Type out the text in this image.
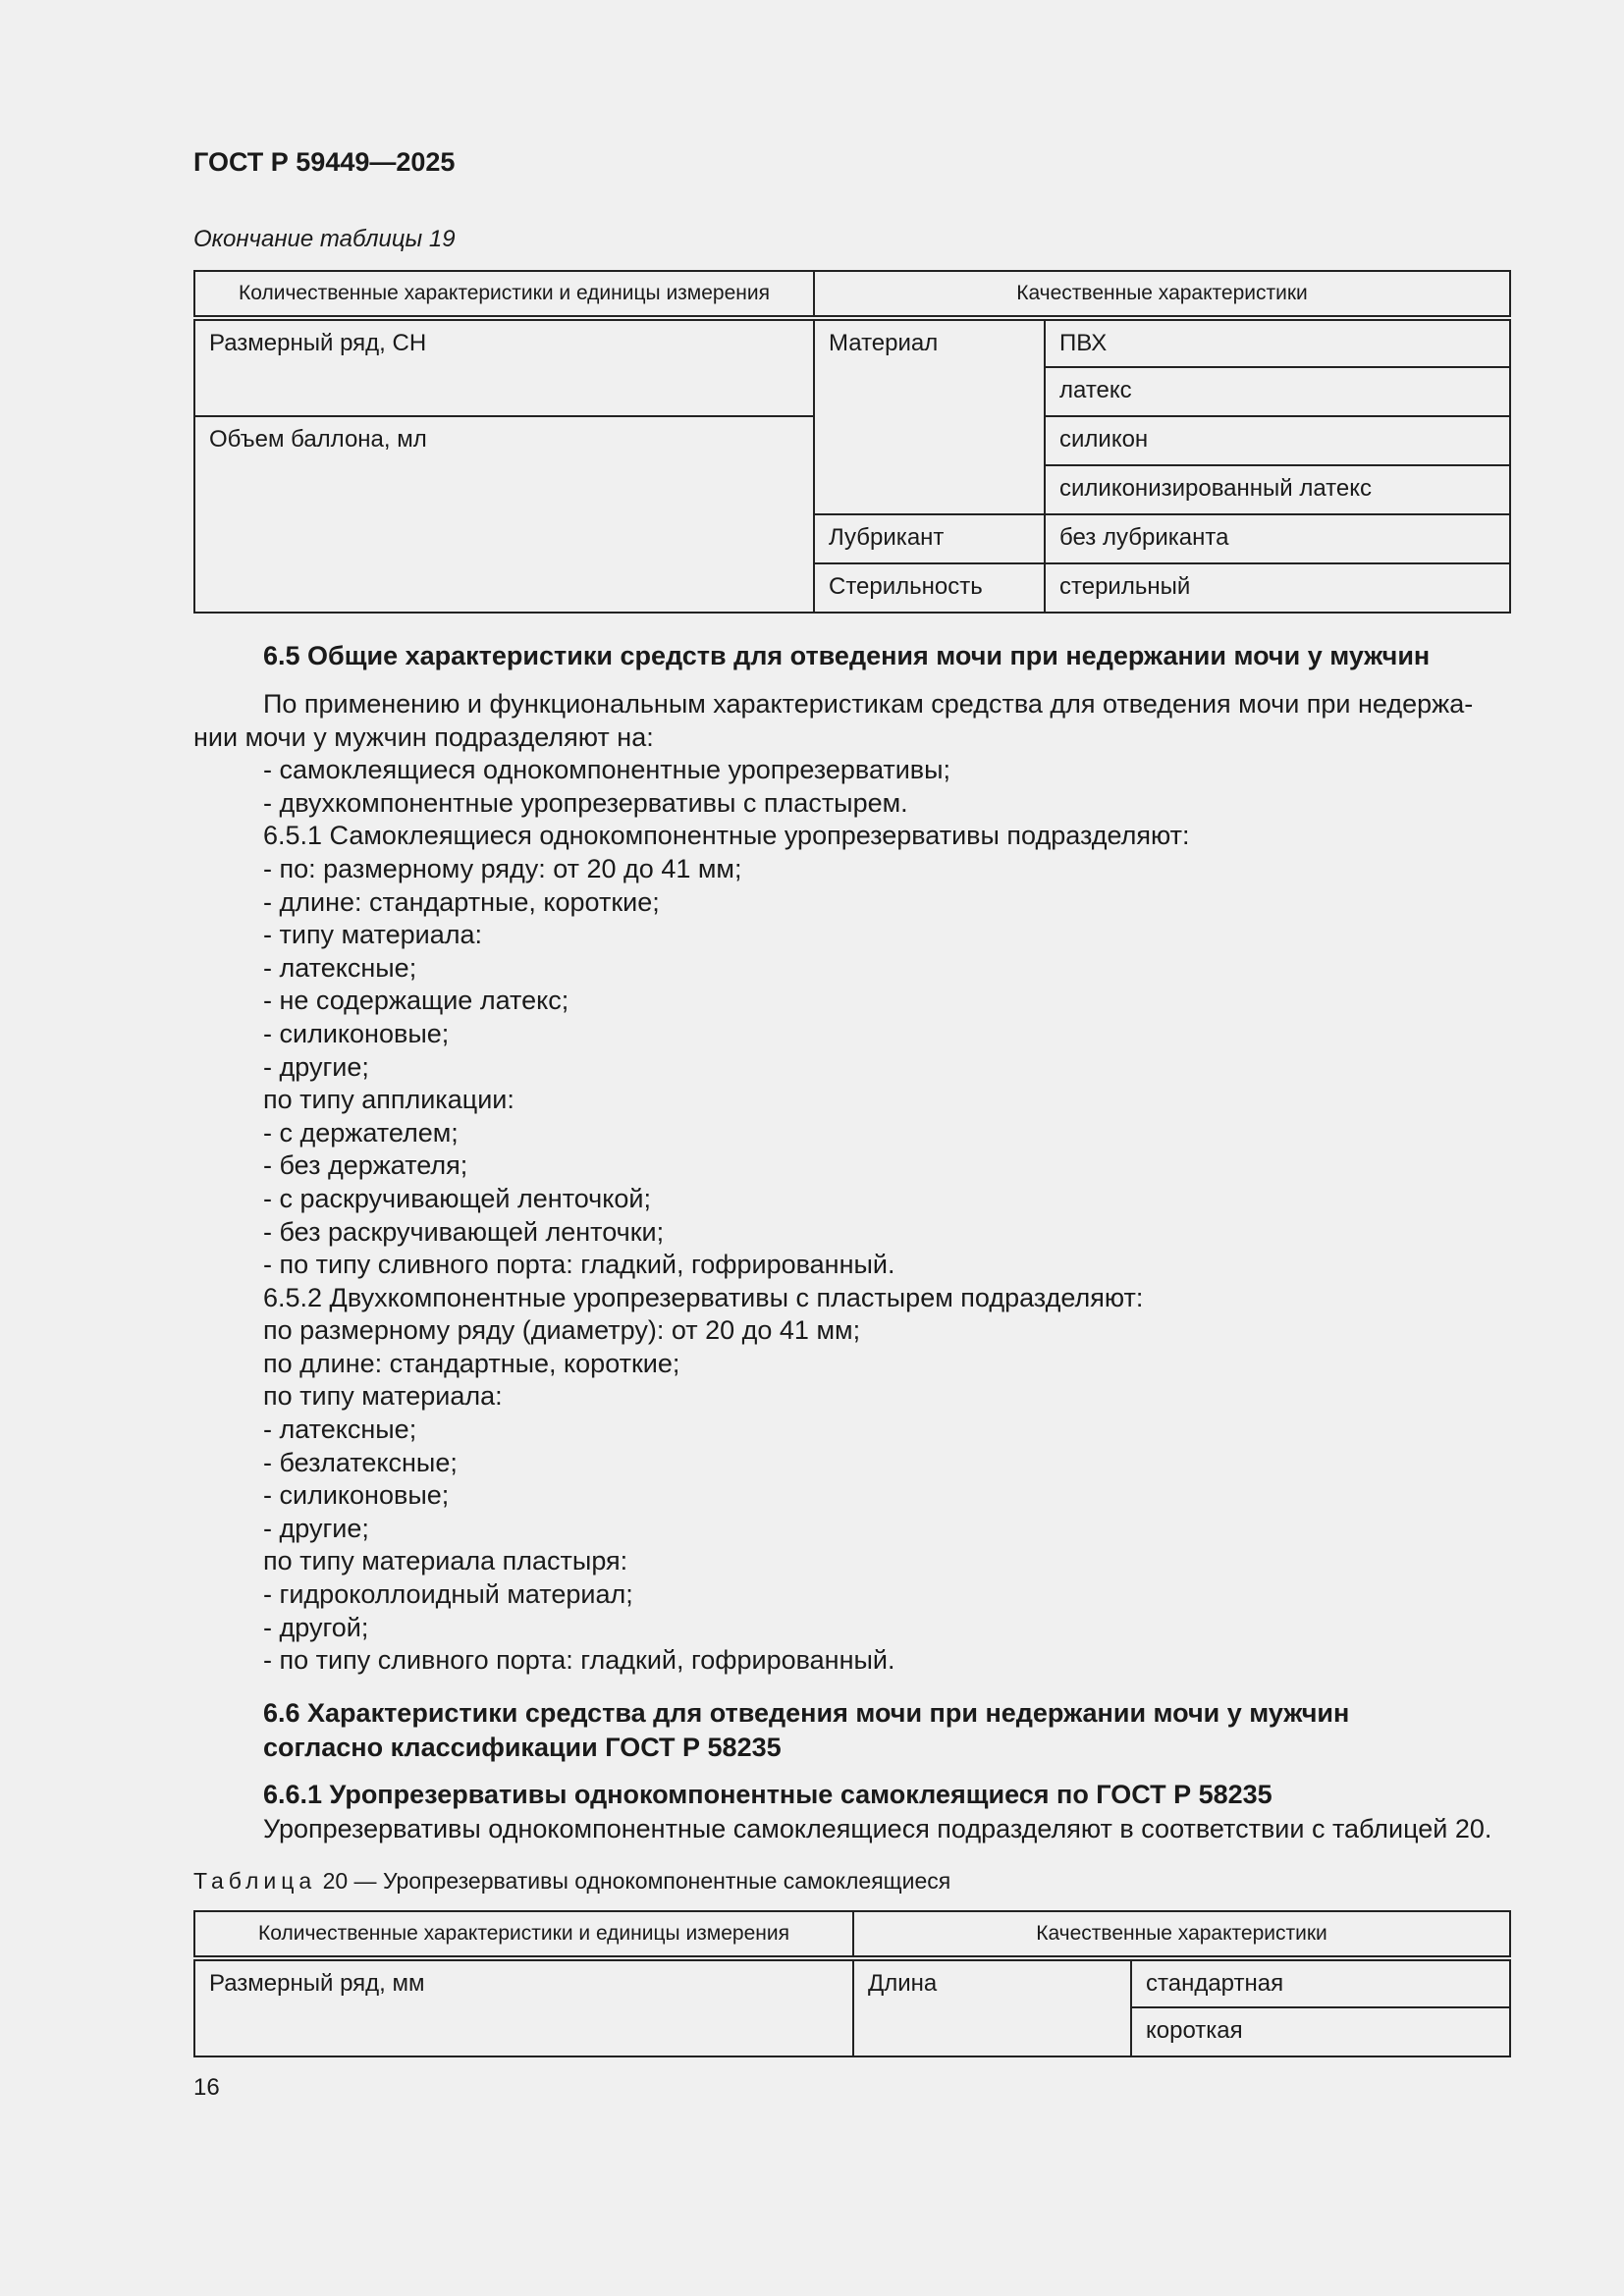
ГОСТ Р 59449—2025
Окончание таблицы 19
Количественные характеристики и единицы измерения	Качественные характеристики	
Размерный ряд, СН	Материал	ПВХ
		латекс
Объем баллона, мл		силикон
		силиконизированный латекс
	Лубрикант	без лубриканта
	Стерильность	стерильный
6.5 Общие характеристики средств для отведения мочи при недержании мочи у мужчин
По применению и функциональным характеристикам средства для отведения мочи при недержа-
нии мочи у мужчин подразделяют на:
- самоклеящиеся однокомпонентные уропрезервативы;
- двухкомпонентные уропрезервативы с пластырем.
6.5.1 Самоклеящиеся однокомпонентные уропрезервативы подразделяют:
- по: размерному ряду: от 20 до 41 мм;
- длине: стандартные, короткие;
- типу материала:
- латексные;
- не содержащие латекс;
- силиконовые;
- другие;
по типу аппликации:
- с держателем;
- без держателя;
- с раскручивающей ленточкой;
- без раскручивающей ленточки;
- по типу сливного порта: гладкий, гофрированный.
6.5.2 Двухкомпонентные уропрезервативы с пластырем подразделяют:
по размерному ряду (диаметру): от 20 до 41 мм;
по длине: стандартные, короткие;
по типу материала:
- латексные;
- безлатексные;
- силиконовые;
- другие;
по типу материала пластыря:
- гидроколлоидный материал;
- другой;
- по типу сливного порта: гладкий, гофрированный.
6.6 Характеристики средства для отведения мочи при недержании мочи у мужчин
согласно классификации ГОСТ Р 58235
6.6.1 Уропрезервативы однокомпонентные самоклеящиеся по ГОСТ Р 58235
Уропрезервативы однокомпонентные самоклеящиеся подразделяют в соответствии с таблицей 20.
Таблица 20 — Уропрезервативы однокомпонентные самоклеящиеся
Количественные характеристики и единицы измерения	Качественные характеристики	
Размерный ряд, мм	Длина	стандартная
		короткая
16
